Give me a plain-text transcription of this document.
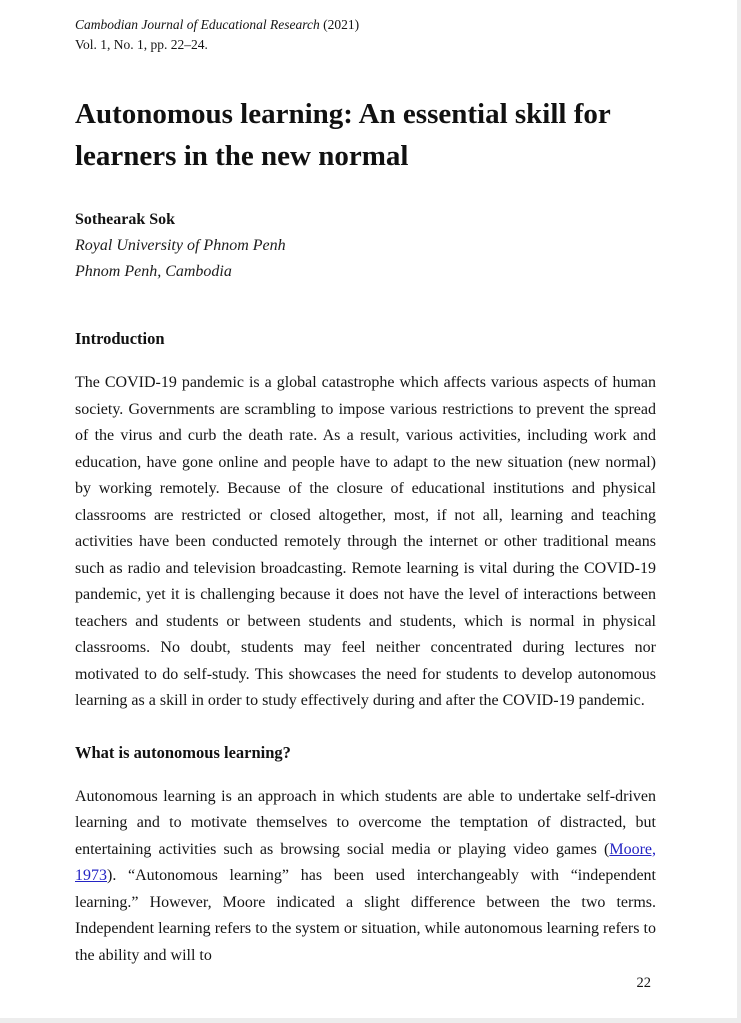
Cambodian Journal of Educational Research (2021)
Vol. 1, No. 1, pp. 22–24.
Autonomous learning: An essential skill for learners in the new normal
Sothearak Sok
Royal University of Phnom Penh
Phnom Penh, Cambodia
Introduction

The COVID-19 pandemic is a global catastrophe which affects various aspects of human society. Governments are scrambling to impose various restrictions to prevent the spread of the virus and curb the death rate. As a result, various activities, including work and education, have gone online and people have to adapt to the new situation (new normal) by working remotely. Because of the closure of educational institutions and physical classrooms are restricted or closed altogether, most, if not all, learning and teaching activities have been conducted remotely through the internet or other traditional means such as radio and television broadcasting. Remote learning is vital during the COVID-19 pandemic, yet it is challenging because it does not have the level of interactions between teachers and students or between students and students, which is normal in physical classrooms. No doubt, students may feel neither concentrated during lectures nor motivated to do self-study. This showcases the need for students to develop autonomous learning as a skill in order to study effectively during and after the COVID-19 pandemic.

What is autonomous learning?

Autonomous learning is an approach in which students are able to undertake self-driven learning and to motivate themselves to overcome the temptation of distracted, but entertaining activities such as browsing social media or playing video games (Moore, 1973). “Autonomous learning” has been used interchangeably with “independent learning.” However, Moore indicated a slight difference between the two terms. Independent learning refers to the system or situation, while autonomous learning refers to the ability and will to

22
